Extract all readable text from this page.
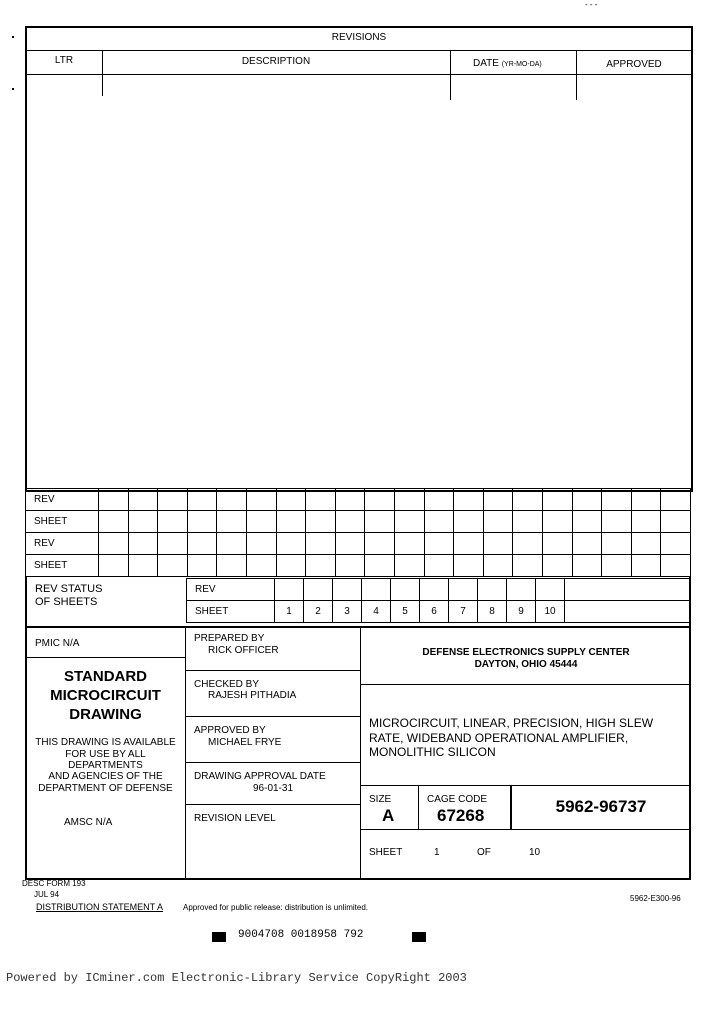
- - -
REVISIONS
LTR	DESCRIPTION	DATE (YR-MO-DA)	APPROVED
REV																				
SHEET																				
REV																				
SHEET																				
REV STATUS
OF SHEETS
REV											
SHEET	1	2	3	4	5	6	7	8	9	10	
PMIC N/A
STANDARD
MICROCIRCUIT
DRAWING
THIS DRAWING IS AVAILABLE
FOR USE BY ALL
DEPARTMENTS
AND AGENCIES OF THE
DEPARTMENT OF DEFENSE
AMSC N/A
PREPARED BY
RICK OFFICER
CHECKED BY
RAJESH PITHADIA
APPROVED BY
MICHAEL FRYE
DRAWING APPROVAL DATE
96-01-31
REVISION LEVEL
DEFENSE ELECTRONICS SUPPLY CENTER
DAYTON, OHIO 45444
MICROCIRCUIT, LINEAR, PRECISION, HIGH SLEW
RATE, WIDEBAND OPERATIONAL AMPLIFIER,
MONOLITHIC SILICON
SIZE
A
CAGE CODE
67268	5962-96737
SHEET	1	OF	10
DESC FORM 193
JUL 94
DISTRIBUTION STATEMENT A Approved for public release: distribution is unlimited.
5962-E300-96
9004708 0018958 792
Powered by ICminer.com Electronic-Library Service CopyRight 2003
